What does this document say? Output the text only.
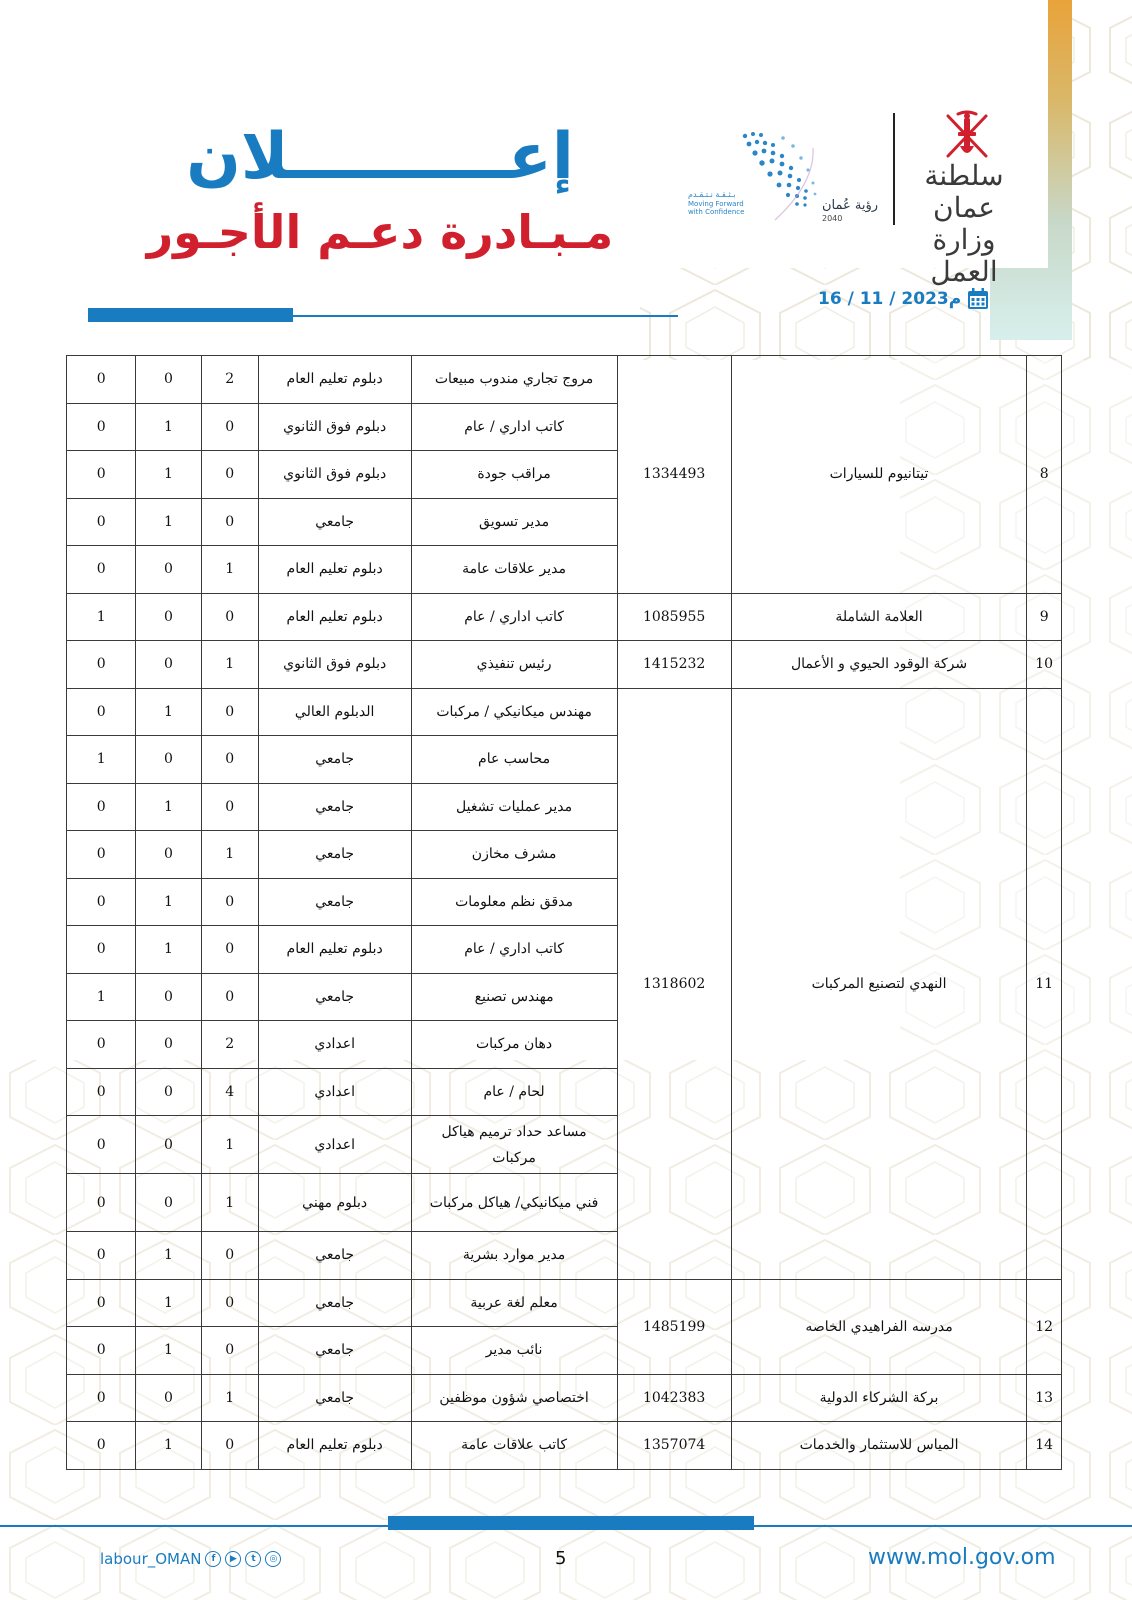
إعــــــــــلان
مـبـادرة دعـم الأجـور	رؤية عُمان
2040
بـثـقـة نـتـقـدم
Moving Forward with Confidence
سلطنة عمان
وزارة العمل
16 / 11 / 2023م
8	تيتانيوم للسيارات	1334493	مروج تجاري مندوب مبيعات	دبلوم تعليم العام	2	0	0
			كاتب اداري / عام	دبلوم فوق الثانوي	0	1	0
			مراقب جودة	دبلوم فوق الثانوي	0	1	0
			مدير تسويق	جامعي	0	1	0
			مدير علاقات عامة	دبلوم تعليم العام	1	0	0
9	العلامة الشاملة	1085955	كاتب اداري / عام	دبلوم تعليم العام	0	0	1
10	شركة الوقود الحيوي و الأعمال	1415232	رئيس تنفيذي	دبلوم فوق الثانوي	1	0	0
11	النهدي لتصنيع المركبات	1318602	مهندس ميكانيكي / مركبات	الدبلوم العالي	0	1	0
			محاسب عام	جامعي	0	0	1
			مدير عمليات تشغيل	جامعي	0	1	0
			مشرف مخازن	جامعي	1	0	0
			مدقق نظم معلومات	جامعي	0	1	0
			كاتب اداري / عام	دبلوم تعليم العام	0	1	0
			مهندس تصنيع	جامعي	0	0	1
			دهان مركبات	اعدادي	2	0	0
			لحام / عام	اعدادي	4	0	0
			مساعد حداد ترميم هياكل مركبات	اعدادي	1	0	0
			فني ميكانيكي/ هياكل مركبات	دبلوم مهني	1	0	0
			مدير موارد بشرية	جامعي	0	1	0
12	مدرسه الفراهيدي الخاصه	1485199	معلم لغة عربية	جامعي	0	1	0
			نائب مدير	جامعي	0	1	0
13	بركة الشركاء الدولية	1042383	اختصاصي شؤون موظفين	جامعي	1	0	0
14	المياس للاستثمار والخدمات	1357074	كاتب علاقات عامة	دبلوم تعليم العام	0	1	0
labour_OMAN	f	▶	t	◎	5	www.mol.gov.om
